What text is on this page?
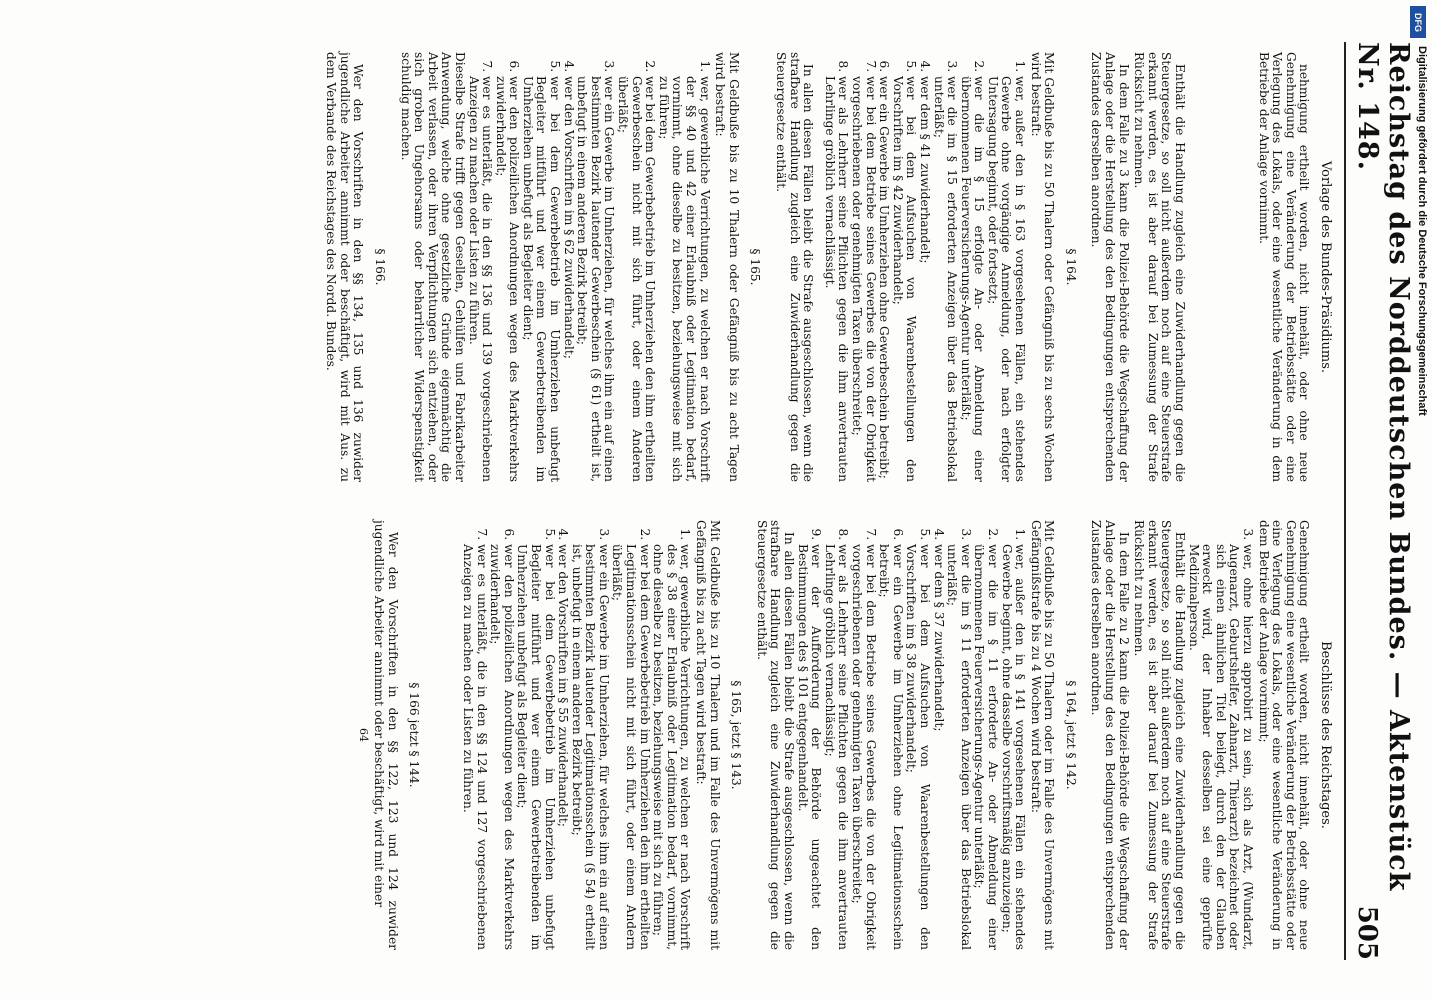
Reichstag des Norddeutschen Bundes. — Aktenstück Nr. 148.
505

Vorlage des Bundes-Präsidiums.

nehmigung ertheilt worden, nicht innehält, oder ohne neue Genehmigung eine Veränderung der Betriebsstätte oder eine Verlegung des Lokals, oder eine wesentliche Veränderung in dem Betriebe der Anlage vornimmt.

Enthält die Handlung zugleich eine Zuwiderhandlung gegen die Steuergesetze, so soll nicht außerdem noch auf eine Steuerstrafe erkannt werden, es ist aber darauf bei Zumessung der Strafe Rücksicht zu nehmen.

In dem Falle zu 3 kann die Polizei-Behörde die Wegschaffung der Anlage oder die Herstellung des den Bedingungen entsprechenden Zustandes derselben anordnen.

§ 164.

Mit Geldbuße bis zu 50 Thalern oder Gefängniß bis zu sechs Wochen wird bestraft:

1. wer, außer den in § 163 vorgesehenen Fällen, ein stehendes Gewerbe ohne vorgängige Anmeldung, oder nach erfolgter Untersagung beginnt, oder fortsetzt;
2. wer die im § 15 erfolgte An- oder Abmeldung einer übernommenen Feuerversicherungs-Agentur unterläßt;
3. wer die im § 15 erforderten Anzeigen über das Betriebslokal unterläßt;
4. wer dem § 41 zuwiderhandelt;
5. wer bei dem Aufsuchen von Waarenbestellungen den Vorschriften im § 42 zuwiderhandelt;
6. wer ein Gewerbe im Umherziehen ohne Gewerbeschein betreibt;
7. wer bei dem Betriebe seines Gewerbes die von der Obrigkeit vorgeschriebenen oder genehmigten Taxen überschreitet;
8. wer als Lehrherr seine Pflichten gegen die ihm anvertrauten Lehrlinge gröblich vernachlässigt.

In allen diesen Fällen bleibt die Strafe ausgeschlossen, wenn die strafbare Handlung zugleich eine Zuwiderhandlung gegen die Steuergesetze enthält.

§ 165.

Mit Geldbuße bis zu 10 Thalern oder Gefängniß bis zu acht Tagen wird bestraft:

1. wer, gewerbliche Verrichtungen, zu welchen er nach Vorschrift der §§ 40 und 42 einer Erlaubniß oder Legitimation bedarf, vornimmt, ohne dieselbe zu besitzen, beziehungsweise mit sich zu führen;
2. wer bei dem Gewerbebetrieb im Umherziehen den ihm ertheilten Gewerbeschein nicht mit sich führt, oder einem Anderen überläßt;
3. wer ein Gewerbe im Umherziehen, für welches ihm ein auf einen bestimmten Bezirk lautender Gewerbeschein (§ 61) ertheilt ist, unbefugt in einem anderen Bezirk betreibt;
4. wer den Vorschriften im § 62 zuwiderhandelt;
5. wer bei dem Gewerbebetrieb im Umherziehen unbefugt Begleiter mitführt und wer einem Gewerbetreibenden im Umherziehen unbefugt als Begleiter dient;
6. wer den polizeilichen Anordnungen wegen des Marktverkehrs zuwiderhandelt;
7. wer es unterläßt, die in den §§ 136 und 139 vorgeschriebenen Anzeigen zu machen oder Listen zu führen.

Dieselbe Strafe trifft gegen Gesellen, Gehülfen und Fabrikarbeiter Anwendung, welche ohne gesetzliche Gründe eigenmächtig die Arbeit verlassen, oder ihren Verpflichtungen sich entziehen, oder sich groben Ungehorsams oder beharrlicher Widerspenstigkeit schuldig machen.

§ 166.

Wer den Vorschriften in den §§ 134, 135 und 136 zuwider jugendliche Arbeiter annimmt oder beschäftigt, wird mit Aus. zu dem Verbande des Reichstages des Nordd. Bundes.

Beschlüsse des Reichstages.

Genehmigung ertheilt worden, nicht innehält, oder ohne neue Genehmigung eine wesentliche Veränderung der Betriebsstätte oder eine Verlegung des Lokals, oder eine wesentliche Veränderung in dem Betriebe der Anlage vornimmt;

3. wer, ohne hierzu approbirt zu sein, sich als Arzt, (Wundarzt, Augenarzt, Geburtshelfer, Zahnarzt, Thierarzt) bezeichnet oder sich einen ähnlichen Titel beilegt, durch den der Glauben erweckt wird, der Inhaber desselben sei eine geprüfte Medizinalperson.

Enthält die Handlung zugleich eine Zuwiderhandlung gegen die Steuergesetze, so soll nicht außerdem noch auf eine Steuerstrafe erkannt werden, es ist aber darauf bei Zumessung der Strafe Rücksicht zu nehmen.

In dem Falle zu 2 kann die Polizei-Behörde die Wegschaffung der Anlage oder die Herstellung des den Bedingungen entsprechenden Zustandes derselben anordnen.

§ 164, jetzt § 142.

Mit Geldbuße bis zu 50 Thalern oder im Falle des Unvermögens mit Gefängnißstrafe bis zu 4 Wochen wird bestraft:

1. wer, außer den in § 141 vorgesehenen Fällen ein stehendes Gewerbe beginnt, ohne dasselbe vorschriftsmäßig anzuzeigen;
2. wer die im § 11 erforderte An- oder Abmeldung einer übernommenen Feuerversicherungs-Agentur unterläßt;
3. wer die im § 11 erforderten Anzeigen über das Betriebslokal unterläßt;
4. wer dem § 37 zuwiderhandelt;
5. wer bei dem Aufsuchen von Waarenbestellungen den Vorschriften im § 38 zuwiderhandelt;
6. wer ein Gewerbe im Umherziehen ohne Legitimationsschein betreibt;
7. wer bei dem Betriebe seines Gewerbes die von der Obrigkeit vorgeschriebenen oder genehmigten Taxen überschreitet;
8. wer als Lehrherr seine Pflichten gegen die ihm anvertrauten Lehrlinge gröblich vernachlässigt;
9. wer der Aufforderung der Behörde ungeachtet den Bestimmungen des § 101 entgegenhandelt.

In allen diesen Fällen bleibt die Strafe ausgeschlossen, wenn die strafbare Handlung zugleich eine Zuwiderhandlung gegen die Steuergesetze enthält.

§ 165, jetzt § 143.

Mit Geldbuße bis zu 10 Thalern und im Falle des Unvermögens mit Gefängniß bis zu acht Tagen wird bestraft:

1. wer, gewerbliche Verrichtungen, zu welchen er nach Vorschrift des § 38 einer Erlaubniß oder Legitimation bedarf, vornimmt, ohne dieselbe zu besitzen, beziehungsweise mit sich zu führen;
2. wer bei dem Gewerbebetrieb im Umherziehen den ihm ertheilten Legitimationsschein nicht mit sich führt, oder einem Andern überläßt;
3. wer ein Gewerbe im Umherziehen, für welches ihm ein auf einen bestimmten Bezirk lautender Legitimationsschein (§ 54) ertheilt ist, unbefugt in einem anderen Bezirk betreibt;
4. wer den Vorschriften im § 55 zuwiderhandelt;
5. wer bei dem Gewerbebetrieb im Umherziehen unbefugt Begleiter mitführt und wer einem Gewerbetreibenden im Umherziehen unbefugt als Begleiter dient;
6. wer den polizeilichen Anordnungen wegen des Marktverkehrs zuwiderhandelt;
7. wer es unterläßt, die in den §§ 124 und 127 vorgeschriebenen Anzeigen zu machen oder Listen zu führen.

§ 166 jetzt § 144.

Wer den Vorschriften in den §§ 122, 123 und 124 zuwider jugendliche Arbeiter annimmt oder beschäftigt, wird mit einer

64

DFG
Digitalisierung gefördert durch die Deutsche Forschungsgemeinschaft
